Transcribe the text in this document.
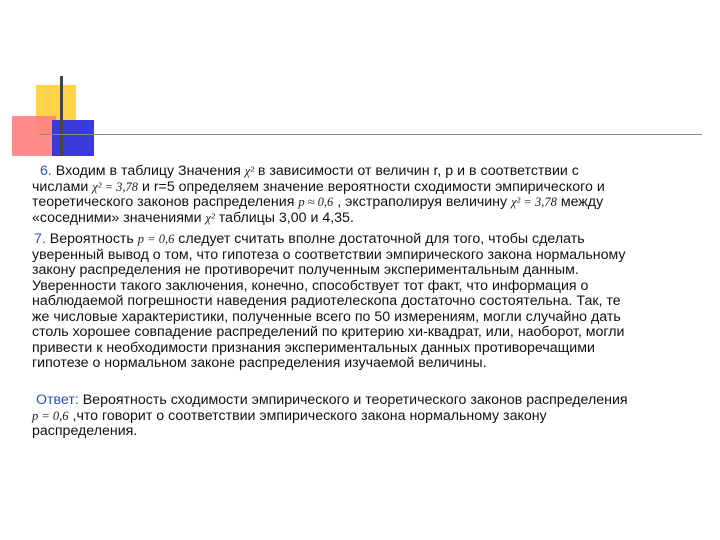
6. Входим в таблицу Значения χ² в зависимости от величин r, p и в соответствии с
числами χ² = 3,78 и r=5 определяем значение вероятности сходимости эмпирического и
теоретического законов распределения p ≈ 0,6 , экстраполируя величину χ² = 3,78 между
«соседними» значениями χ² таблицы 3,00 и 4,35.
7. Вероятность p = 0,6 следует считать вполне достаточной для того, чтобы сделать
уверенный вывод о том, что гипотеза о соответствии эмпирического закона нормальному
закону распределения не противоречит полученным экспериментальным данным.
Уверенности такого заключения, конечно, способствует тот факт, что информация о
наблюдаемой погрешности наведения радиотелескопа достаточно состоятельна. Так, те
же числовые характеристики, полученные всего по 50 измерениям, могли случайно дать
столь хорошее совпадение распределений по критерию хи-квадрат, или, наоборот, могли
привести к необходимости признания экспериментальных данных противоречащими
гипотезе о нормальном законе распределения изучаемой величины.
Ответ: Вероятность сходимости эмпирического и теоретического законов распределения
p = 0,6 ,что говорит о соответствии эмпирического закона нормальному закону
распределения.
